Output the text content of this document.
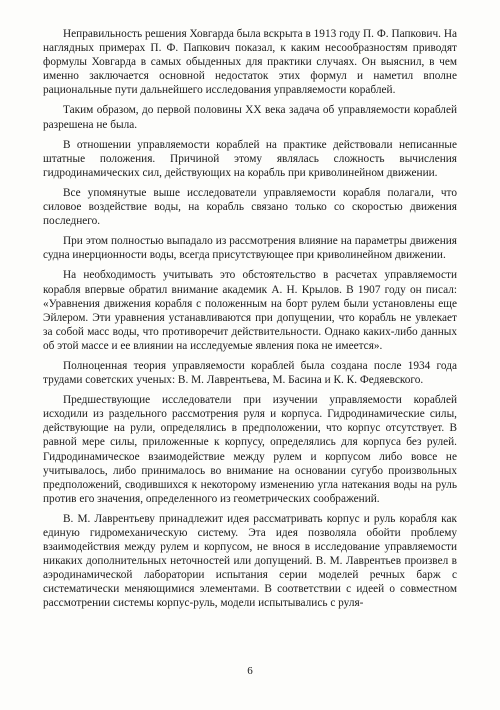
Неправильность решения Ховгарда была вскрыта в 1913 году П. Ф. Папкович. На наглядных примерах П. Ф. Папкович показал, к каким несообразностям приводят формулы Ховгарда в самых обыденных для практики случаях. Он выяснил, в чем именно заключается основной недостаток этих формул и наметил вполне рациональные пути дальнейшего исследования управляемости кораблей.

Таким образом, до первой половины XX века задача об управляемости кораблей разрешена не была.

В отношении управляемости кораблей на практике действовали неписанные штатные положения. Причиной этому являлась сложность вычисления гидродинамических сил, действующих на корабль при криволинейном движении.

Все упомянутые выше исследователи управляемости корабля полагали, что силовое воздействие воды, на корабль связано только со скоростью движения последнего.

При этом полностью выпадало из рассмотрения влияние на параметры движения судна инерционности воды, всегда присутствующее при криволинейном движении.

На необходимость учитывать это обстоятельство в расчетах управляемости корабля впервые обратил внимание академик А. Н. Крылов. В 1907 году он писал: «Уравнения движения корабля с положенным на борт рулем были установлены еще Эйлером. Эти уравнения устанавливаются при допущении, что корабль не увлекает за собой масс воды, что противоречит действительности. Однако каких-либо данных об этой массе и ее влиянии на исследуемые явления пока не имеется».

Полноценная теория управляемости кораблей была создана после 1934 года трудами советских ученых: В. М. Лаврентьева, М. Басина и К. К. Федяевского.

Предшествующие исследователи при изучении управляемости кораблей исходили из раздельного рассмотрения руля и корпуса. Гидродинамические силы, действующие на рули, определялись в предположении, что корпус отсутствует. В равной мере силы, приложенные к корпусу, определялись для корпуса без рулей. Гидродинамическое взаимодействие между рулем и корпусом либо вовсе не учитывалось, либо принималось во внимание на основании сугубо произвольных предположений, сводившихся к некоторому изменению угла натекания воды на руль против его значения, определенного из геометрических соображений.

В. М. Лаврентьеву принадлежит идея рассматривать корпус и руль корабля как единую гидромеханическую систему. Эта идея позволяла обойти проблему взаимодействия между рулем и корпусом, не внося в исследование управляемости никаких дополнительных неточностей или допущений. В. М. Лаврентьев произвел в аэродинамической лаборатории испытания серии моделей речных барж с систематически меняющимися элементами. В соответствии с идеей о совместном рассмотрении системы корпус-руль, модели испытывались с руля-

6
